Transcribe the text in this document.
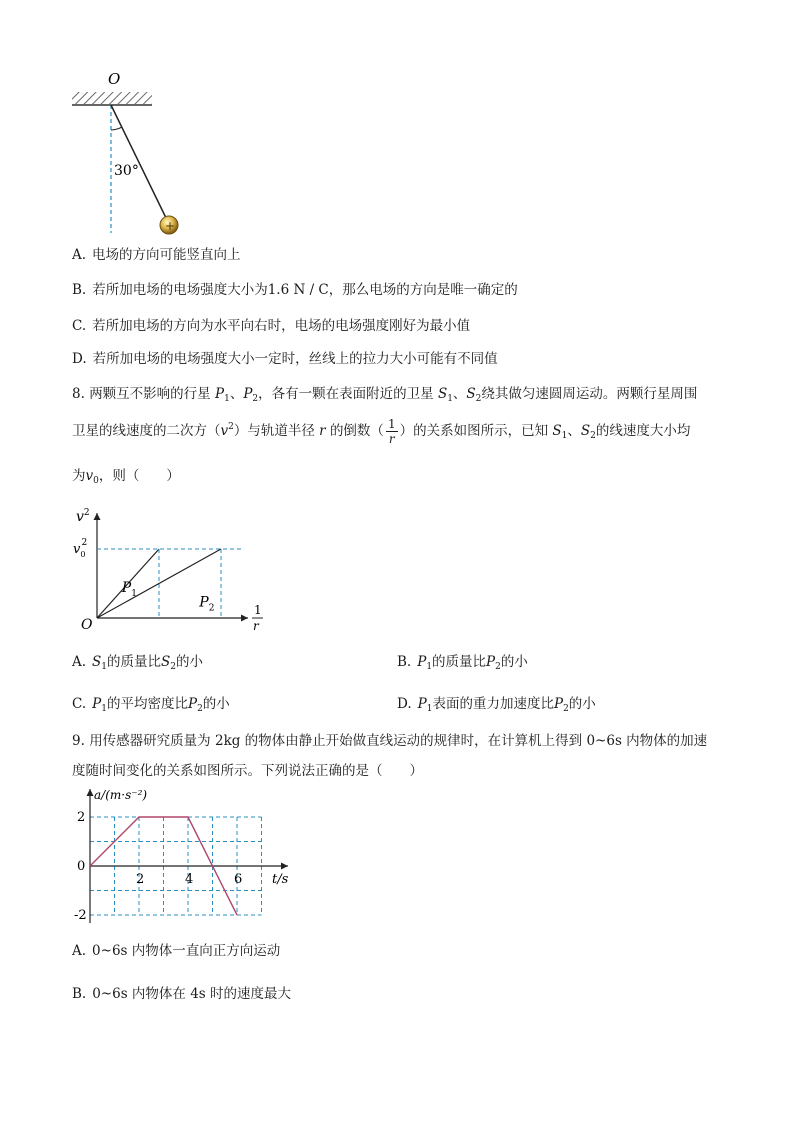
O
30°
+
A. 电场的方向可能竖直向上
B. 若所加电场的电场强度大小为1.6 N / C，那么电场的方向是唯一确定的
C. 若所加电场的方向为水平向右时，电场的电场强度刚好为最小值
D. 若所加电场的电场强度大小一定时，丝线上的拉力大小可能有不同值
8. 两颗互不影响的行星 $P_1$、$P_2$，各有一颗在表面附近的卫星 $S_1$、$S_2$绕其做匀速圆周运动。两颗行星周围
卫星的线速度的二次方$(v^2)$与轨道半径 r 的倒数（ $\frac{1}{r}$ ）的关系如图所示，已知 $S_1$、$S_2$的线速度大小均
为$v_0$，则（　　）
$v^2$
O
$v_02$
1
r
$P_1$
$P_2$
A. $S_1$的质量比$S_2$的小	B. $P_1$的质量比$P_2$的小
C. $P_1$的平均密度比$P_2$的小	D. $P_1$表面的重力加速度比$P_2$的小
9. 用传感器研究质量为 2kg 的物体由静止开始做直线运动的规律时，在计算机上得到 0~6s 内物体的加速
度随时间变化的关系如图所示。下列说法正确的是（　　）
a/(m·s⁻²)
t/s
2	4	6
2
0
-2
A. 0~6s 内物体一直向正方向运动
B. 0~6s 内物体在 4s 时的速度最大
